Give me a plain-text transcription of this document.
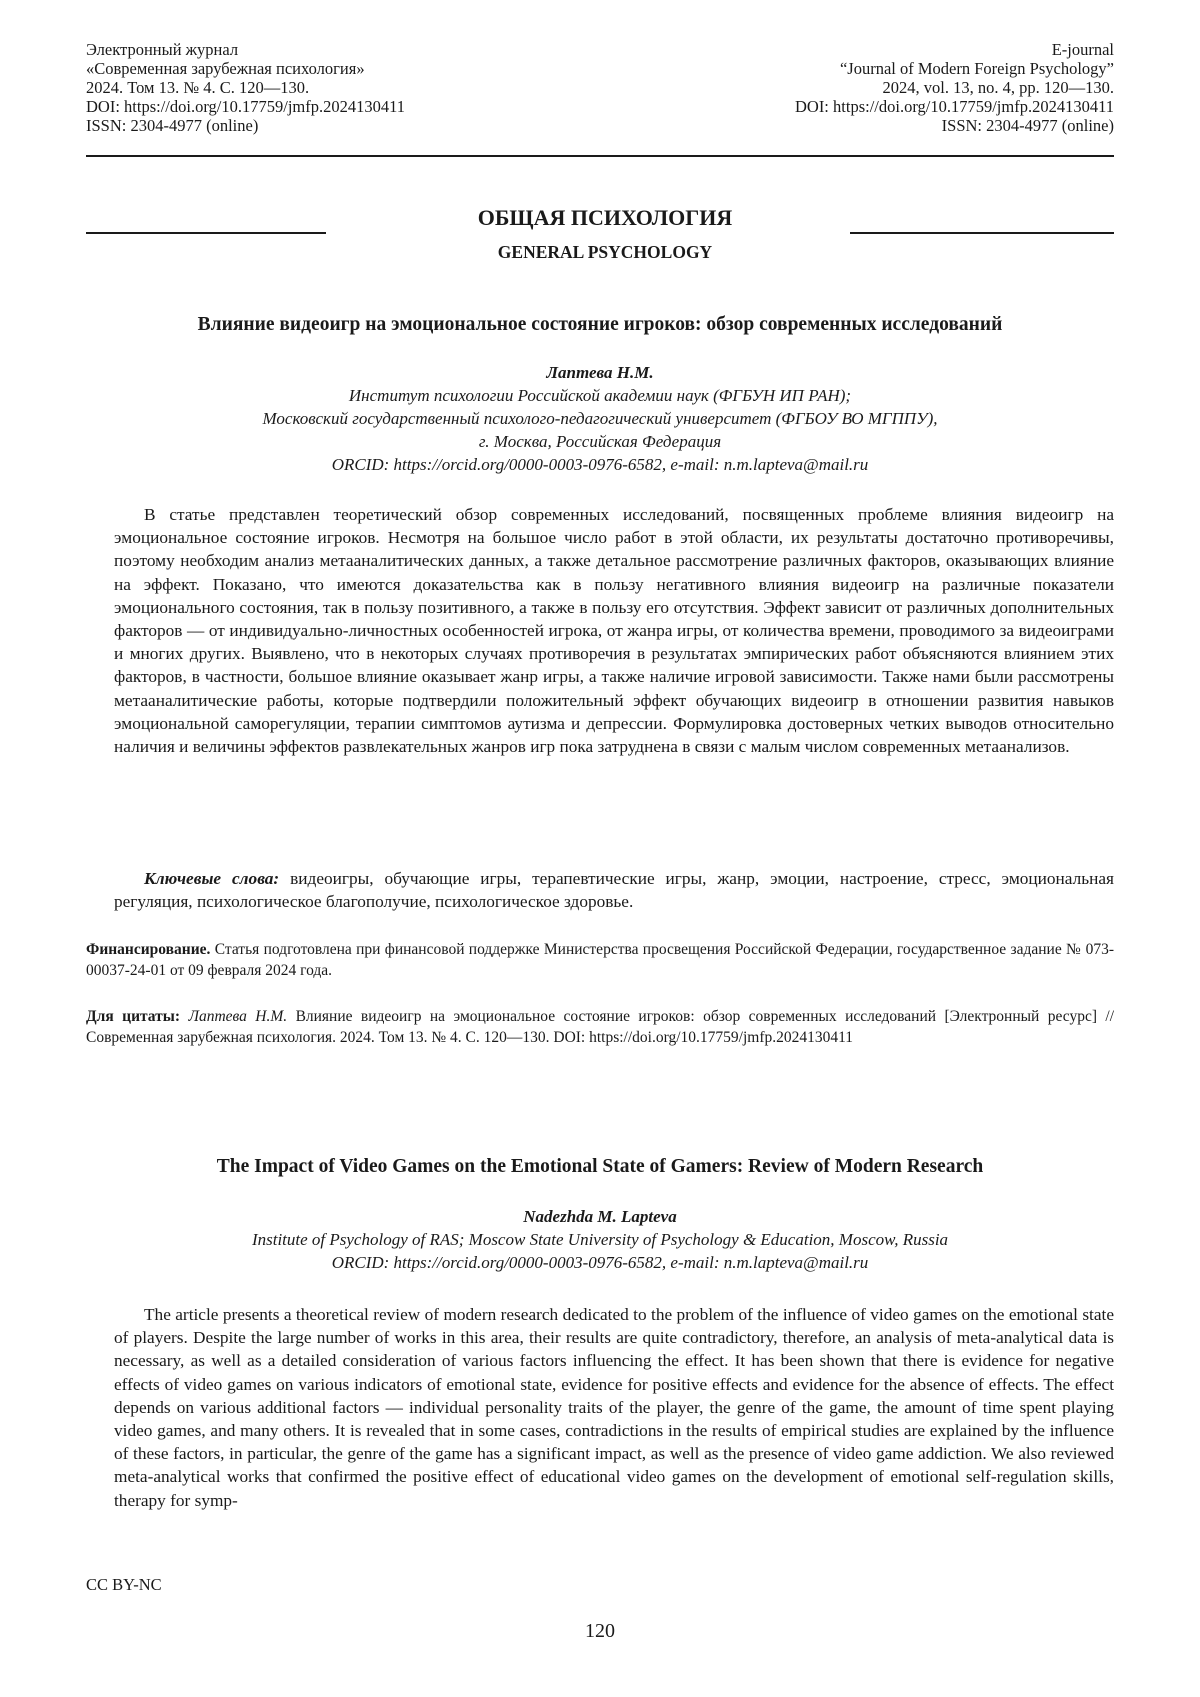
Электронный журнал
«Современная зарубежная психология»
2024. Том 13. № 4. С. 120—130.
DOI: https://doi.org/10.17759/jmfp.2024130411
ISSN: 2304-4977 (online)
E-journal
“Journal of Modern Foreign Psychology”
2024, vol. 13, no. 4, pp. 120—130.
DOI: https://doi.org/10.17759/jmfp.2024130411
ISSN: 2304-4977 (online)
ОБЩАЯ ПСИХОЛОГИЯ
GENERAL PSYCHOLOGY
Влияние видеоигр на эмоциональное состояние игроков: обзор современных исследований
Лаптева Н.М.
Институт психологии Российской академии наук (ФГБУН ИП РАН);
Московский государственный психолого-педагогический университет (ФГБОУ ВО МГППУ),
г. Москва, Российская Федерация
ORCID: https://orcid.org/0000-0003-0976-6582, e-mail: n.m.lapteva@mail.ru

В статье представлен теоретический обзор современных исследований, посвященных проблеме влияния видеоигр на эмоциональное состояние игроков. Несмотря на большое число работ в этой области, их результаты достаточно противоречивы, поэтому необходим анализ метааналитических данных, а также детальное рассмотрение различных факторов, оказывающих влияние на эффект. Показано, что имеются доказательства как в пользу негативного влияния видеоигр на различные показатели эмоционального состояния, так в пользу позитивного, а также в пользу его отсутствия. Эффект зависит от различных дополнительных факторов — от индивидуально-личностных особенностей игрока, от жанра игры, от количества времени, проводимого за видеоиграми и многих других. Выявлено, что в некоторых случаях противоречия в результатах эмпирических работ объясняются влиянием этих факторов, в частности, большое влияние оказывает жанр игры, а также наличие игровой зависимости. Также нами были рассмотрены метааналитические работы, которые подтвердили положительный эффект обучающих видеоигр в отношении развития навыков эмоциональной саморегуляции, терапии симптомов аутизма и депрессии. Формулировка достоверных четких выводов относительно наличия и величины эффектов развлекательных жанров игр пока затруднена в связи с малым числом современных метаанализов.

Ключевые слова: видеоигры, обучающие игры, терапевтические игры, жанр, эмоции, настроение, стресс, эмоциональная регуляция, психологическое благополучие, психологическое здоровье.

Финансирование. Статья подготовлена при финансовой поддержке Министерства просвещения Российской Федерации, государственное задание № 073-00037-24-01 от 09 февраля 2024 года.

Для цитаты: Лаптева Н.М. Влияние видеоигр на эмоциональное состояние игроков: обзор современных исследований [Электронный ресурс] // Современная зарубежная психология. 2024. Том 13. № 4. С. 120—130. DOI: https://doi.org/10.17759/jmfp.2024130411

The Impact of Video Games on the Emotional State of Gamers: Review of Modern Research
Nadezhda M. Lapteva
Institute of Psychology of RAS; Moscow State University of Psychology & Education, Moscow, Russia
ORCID: https://orcid.org/0000-0003-0976-6582, e-mail: n.m.lapteva@mail.ru

The article presents a theoretical review of modern research dedicated to the problem of the influence of video games on the emotional state of players. Despite the large number of works in this area, their results are quite contradictory, therefore, an analysis of meta-analytical data is necessary, as well as a detailed consideration of various factors influencing the effect. It has been shown that there is evidence for negative effects of video games on various indicators of emotional state, evidence for positive effects and evidence for the absence of effects. The effect depends on various additional factors — individual personality traits of the player, the genre of the game, the amount of time spent playing video games, and many others. It is revealed that in some cases, contradictions in the results of empirical studies are explained by the influence of these factors, in particular, the genre of the game has a significant impact, as well as the presence of video game addiction. We also reviewed meta-analytical works that confirmed the positive effect of educational video games on the development of emotional self-regulation skills, therapy for symp-

CC BY-NC
120
